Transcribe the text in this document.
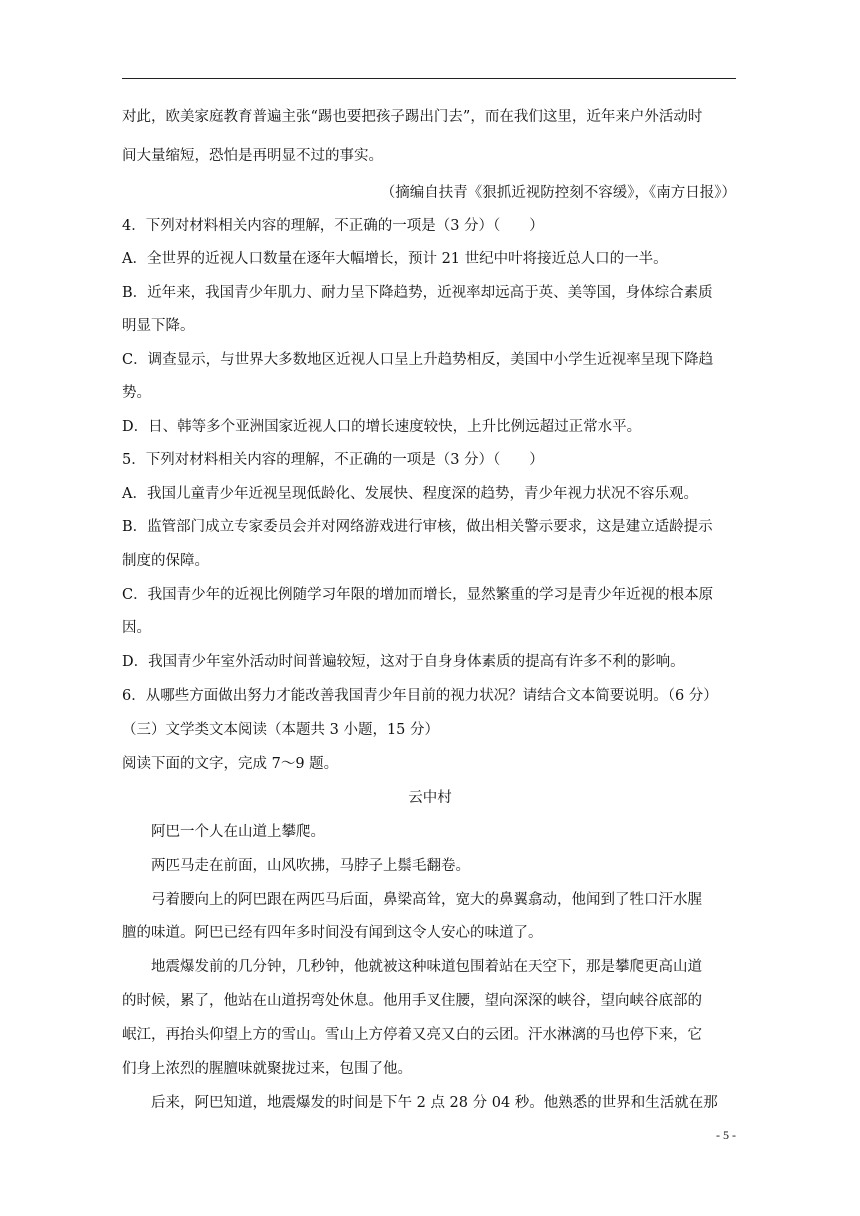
对此，欧美家庭教育普遍主张“踢也要把孩子踢出门去”，而在我们这里，近年来户外活动时
间大量缩短，恐怕是再明显不过的事实。
（摘编自扶青《狠抓近视防控刻不容缓》，《南方日报》）
4．下列对材料相关内容的理解，不正确的一项是（3 分）（　　）
A．全世界的近视人口数量在逐年大幅增长，预计 21 世纪中叶将接近总人口的一半。
B．近年来，我国青少年肌力、耐力呈下降趋势，近视率却远高于英、美等国，身体综合素质
明显下降。
C．调查显示，与世界大多数地区近视人口呈上升趋势相反，美国中小学生近视率呈现下降趋
势。
D．日、韩等多个亚洲国家近视人口的增长速度较快，上升比例远超过正常水平。
5．下列对材料相关内容的理解，不正确的一项是（3 分）（　　）
A．我国儿童青少年近视呈现低龄化、发展快、程度深的趋势，青少年视力状况不容乐观。
B．监管部门成立专家委员会并对网络游戏进行审核，做出相关警示要求，这是建立适龄提示
制度的保障。
C．我国青少年的近视比例随学习年限的增加而增长，显然繁重的学习是青少年近视的根本原
因。
D．我国青少年室外活动时间普遍较短，这对于自身身体素质的提高有许多不利的影响。
6．从哪些方面做出努力才能改善我国青少年目前的视力状况？请结合文本简要说明。（6 分）
（三）文学类文本阅读（本题共 3 小题，15 分）
阅读下面的文字，完成 7～9 题。
云中村
阿巴一个人在山道上攀爬。
两匹马走在前面，山风吹拂，马脖子上鬃毛翻卷。
弓着腰向上的阿巴跟在两匹马后面，鼻梁高耸，宽大的鼻翼翕动，他闻到了牲口汗水腥
膻的味道。阿巴已经有四年多时间没有闻到这令人安心的味道了。
地震爆发前的几分钟，几秒钟，他就被这种味道包围着站在天空下，那是攀爬更高山道
的时候，累了，他站在山道拐弯处休息。他用手叉住腰，望向深深的峡谷，望向峡谷底部的
岷江，再抬头仰望上方的雪山。雪山上方停着又亮又白的云团。汗水淋漓的马也停下来，它
们身上浓烈的腥膻味就聚拢过来，包围了他。
后来，阿巴知道，地震爆发的时间是下午 2 点 28 分 04 秒。他熟悉的世界和生活就在那
- 5 -
